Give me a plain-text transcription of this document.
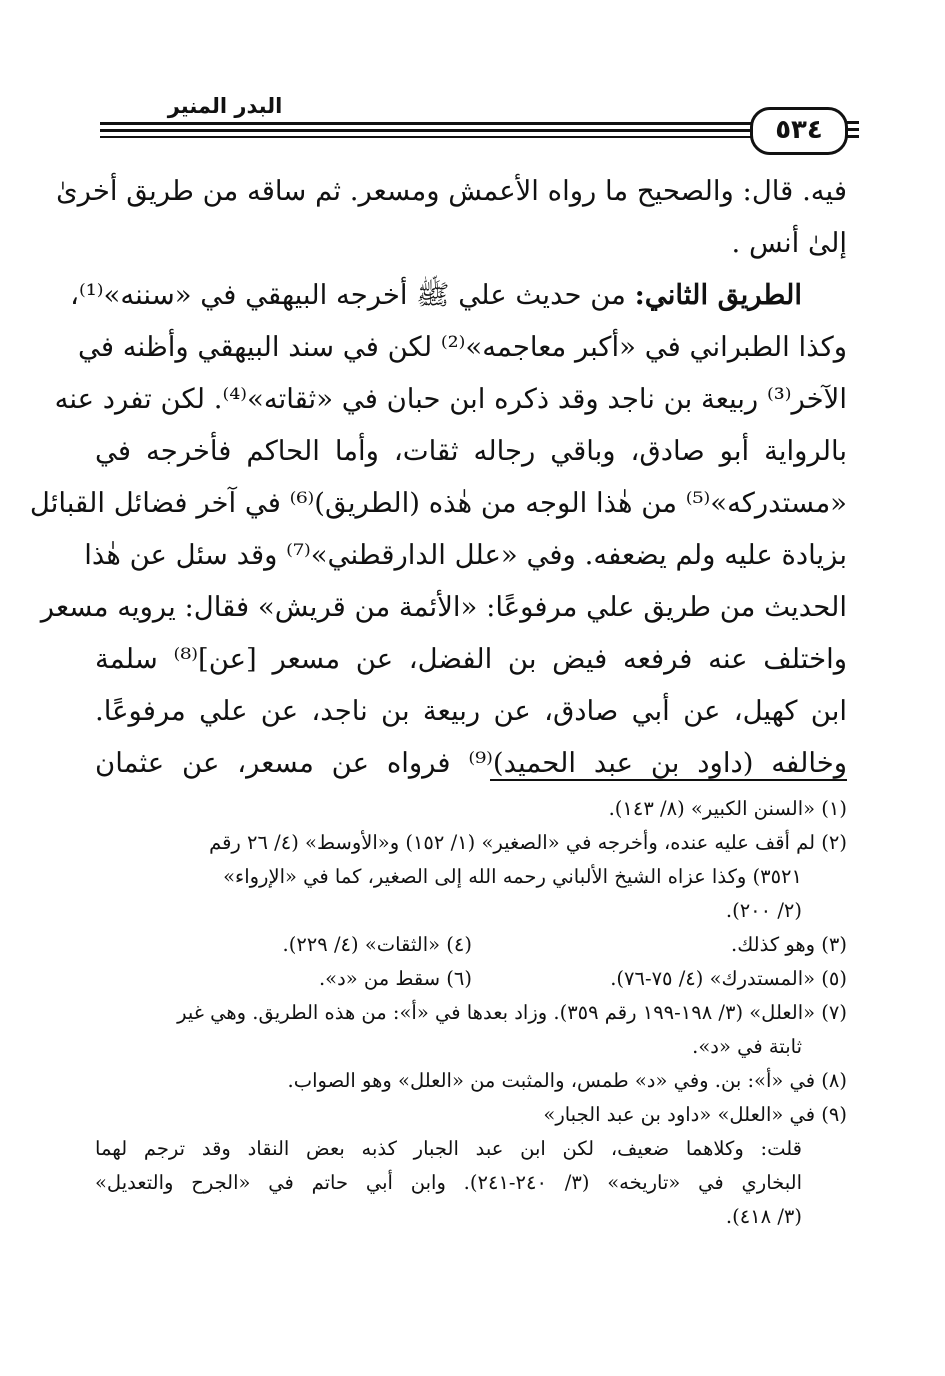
البدر المنير
٥٣٤
فيه. قال: والصحيح ما رواه الأعمش ومسعر. ثم ساقه من طريق أخرىٰ
إلىٰ أنس .
الطريق الثاني: من حديث علي ﷺ أخرجه البيهقي في «سننه»⁽¹⁾،
وكذا الطبراني في «أكبر معاجمه»⁽²⁾ لكن في سند البيهقي وأظنه في
الآخر⁽³⁾ ربيعة بن ناجد وقد ذكره ابن حبان في «ثقاته»⁽⁴⁾. لكن تفرد عنه
بالرواية أبو صادق، وباقي رجاله ثقات، وأما الحاكم فأخرجه في
«مستدركه»⁽⁵⁾ من هٰذا الوجه من هٰذه (الطريق)⁽⁶⁾ في آخر فضائل القبائل
بزيادة عليه ولم يضعفه. وفي «علل الدارقطني»⁽⁷⁾ وقد سئل عن هٰذا
الحديث من طريق علي مرفوعًا: «الأئمة من قريش» فقال: يرويه مسعر
واختلف عنه فرفعه فيض بن الفضل، عن مسعر [عن]⁽⁸⁾ سلمة
ابن كهيل، عن أبي صادق، عن ربيعة بن ناجد، عن علي مرفوعًا.
وخالفه (داود بن عبد الحميد)⁽⁹⁾ فرواه عن مسعر، عن عثمان
(١) «السنن الكبير» (٨/ ١٤٣).
(٢) لم أقف عليه عنده، وأخرجه في «الصغير» (١/ ١٥٢) و«الأوسط» (٤/ ٢٦ رقم
٣٥٢١) وكذا عزاه الشيخ الألباني رحمه الله إلى الصغير، كما في «الإرواء»
(٢/ ٢٠٠).
(٣) وهو كذلك.
(٤) «الثقات» (٤/ ٢٢٩).
(٥) «المستدرك» (٤/ ٧٥-٧٦).
(٦) سقط من «د».
(٧) «العلل» (٣/ ١٩٨-١٩٩ رقم ٣٥٩). وزاد بعدها في «أ»: من هذه الطريق. وهي غير
ثابتة في «د».
(٨) في «أ»: بن. وفي «د» طمس، والمثبت من «العلل» وهو الصواب.
(٩) في «العلل» «داود بن عبد الجبار»
قلت: وكلاهما ضعيف، لكن ابن عبد الجبار كذبه بعض النقاد وقد ترجم لهما
البخاري في «تاريخه» (٣/ ٢٤٠-٢٤١). وابن أبي حاتم في «الجرح والتعديل»
(٣/ ٤١٨).
